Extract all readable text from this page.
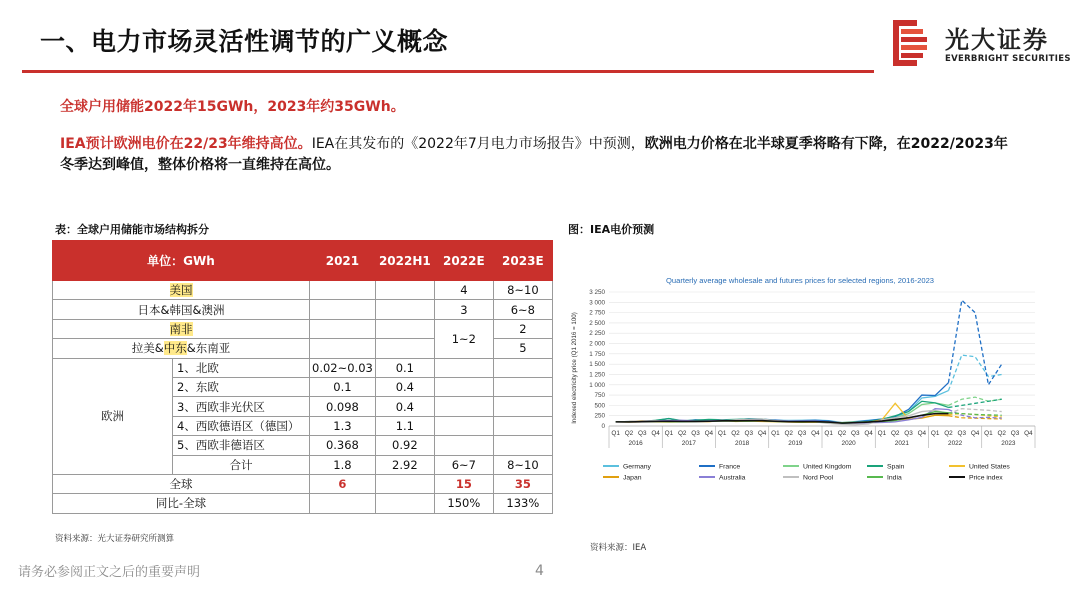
一、电力市场灵活性调节的广义概念	光大证券
EVERBRIGHT SECURITIES
全球户用储能2022年15GWh，2023年约35GWh。
IEA预计欧洲电价在22/23年维持高位。IEA在其发布的《2022年7月电力市场报告》中预测，欧洲电力价格在北半球夏季将略有下降，在2022/2023年冬季达到峰值，整体价格将一直维持在高位。
表：全球户用储能市场结构拆分
单位：GWh		2021	2022H1	2022E	2023E
美国				4	8~10
日本&韩国&澳洲				3	6~8
南非				1~2	2
拉美&中东&东南亚					5
欧洲	1、北欧	0.02~0.03	0.1		
	2、东欧	0.1	0.4		
	3、西欧非光伏区	0.098	0.4		
	4、西欧德语区（德国）	1.3	1.1		
	5、西欧非德语区	0.368	0.92		
	合计	1.8	2.92	6~7	8~10
全球		6		15	35
同比-全球				150%	133%
资料来源：光大证券研究所测算
图：IEA电价预测
Quarterly average wholesale and futures prices for selected regions, 2016-2023
Indexed electricity price (Q1 2016 = 100)
0
250
500
750
1 000
1 250
1 500
1 750
2 000
2 250
2 500
2 750
3 000
3 250
Q1 Q2 Q3 Q4 Q1 Q2 Q3 Q4 Q1 Q2 Q3 Q4 Q1 Q2 Q3 Q4 Q1 Q2 Q3 Q4 Q1 Q2 Q3 Q4 Q1 Q2 Q3 Q4 Q1 Q2 Q3 Q4
2016	2017	2018	2019	2020	2021	2022	2023
Germany	France	United Kingdom	Spain	United States
Japan	Australia	Nord Pool	India	Price index
资料来源：IEA
请务必参阅正文之后的重要声明	4
